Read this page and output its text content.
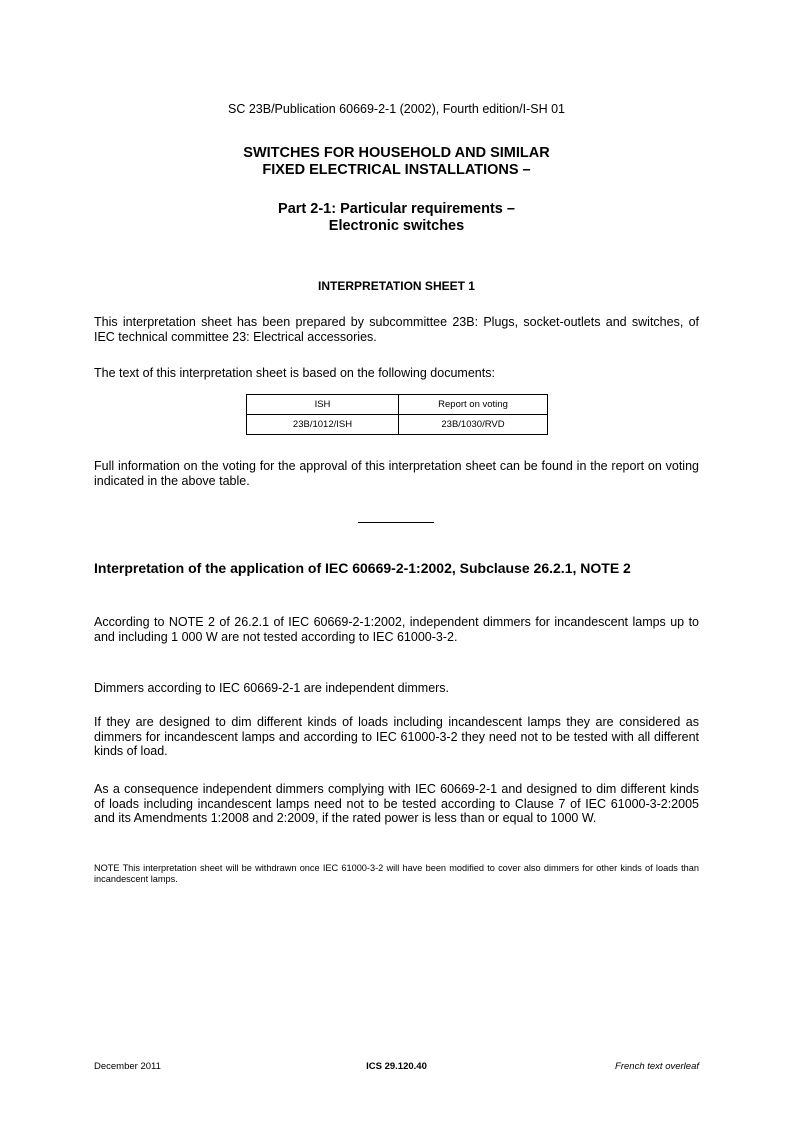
SC 23B/Publication 60669-2-1 (2002), Fourth edition/I-SH 01
SWITCHES FOR HOUSEHOLD AND SIMILAR
FIXED ELECTRICAL INSTALLATIONS –
Part 2-1: Particular requirements –
Electronic switches
INTERPRETATION SHEET 1

This interpretation sheet has been prepared by subcommittee 23B: Plugs, socket-outlets and switches, of IEC technical committee 23: Electrical accessories.

The text of this interpretation sheet is based on the following documents:

ISH	Report on voting
23B/1012/ISH	23B/1030/RVD

Full information on the voting for the approval of this interpretation sheet can be found in the report on voting indicated in the above table.

Interpretation of the application of IEC 60669-2-1:2002, Subclause 26.2.1, NOTE 2

According to NOTE 2 of 26.2.1 of IEC 60669-2-1:2002, independent dimmers for incandescent lamps up to and including 1 000 W are not tested according to IEC 61000-3-2.

Dimmers according to IEC 60669-2-1 are independent dimmers.

If they are designed to dim different kinds of loads including incandescent lamps they are considered as dimmers for incandescent lamps and according to IEC 61000-3-2 they need not to be tested with all different kinds of load.

As a consequence independent dimmers complying with IEC 60669-2-1 and designed to dim different kinds of loads including incandescent lamps need not to be tested according to Clause 7 of IEC 61000-3-2:2005 and its Amendments 1:2008 and 2:2009, if the rated power is less than or equal to 1000 W.

NOTE This interpretation sheet will be withdrawn once IEC 61000-3-2 will have been modified to cover also dimmers for other kinds of loads than incandescent lamps.

December 2011	ICS 29.120.40	French text overleaf
